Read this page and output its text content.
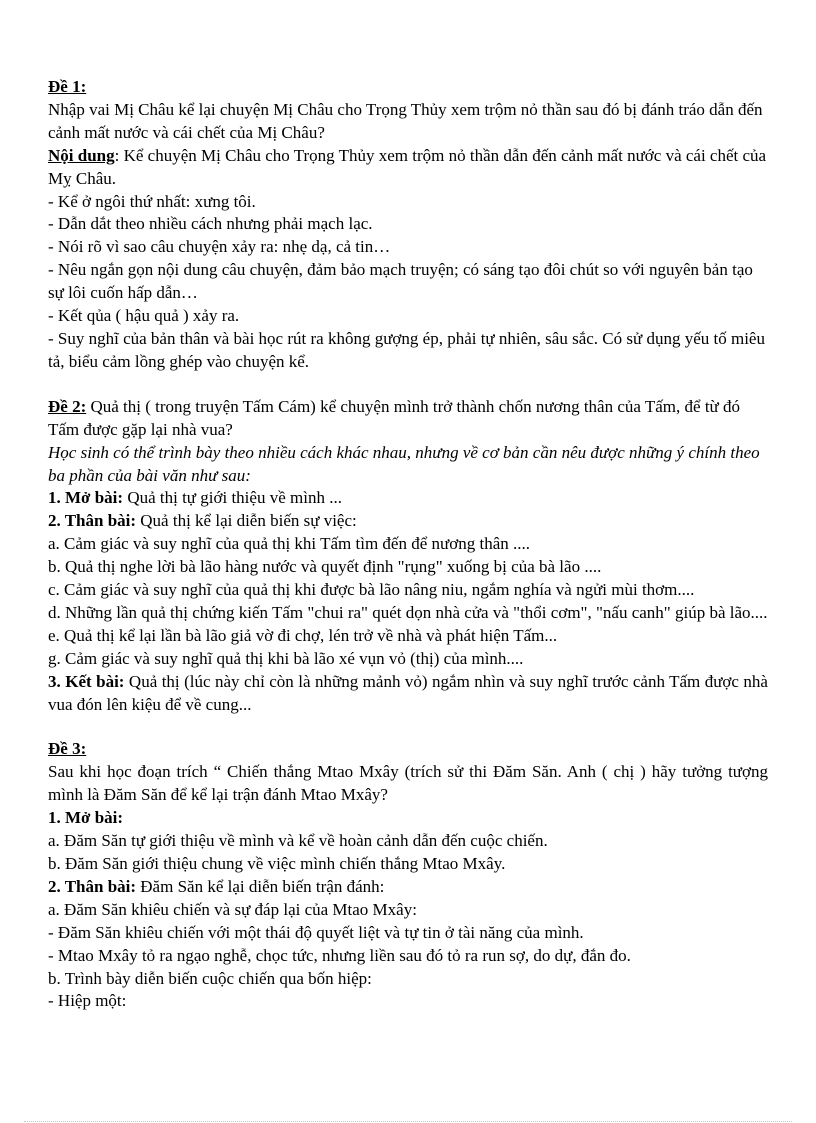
Đề 1:

Nhập vai Mị Châu kể lại chuyện Mị Châu cho Trọng Thủy xem trộm nỏ thần sau đó bị đánh tráo dẫn đến cảnh mất nước và cái chết của Mị Châu?

Nội dung: Kể chuyện Mị Châu cho Trọng Thủy xem trộm nỏ thần dẫn đến cảnh mất nước và cái chết của Mỵ Châu.

- Kể ở ngôi thứ nhất: xưng tôi.

- Dẫn dắt theo nhiều cách nhưng phải mạch lạc.

- Nói rõ vì sao câu chuyện xảy ra: nhẹ dạ, cả tin…

- Nêu ngắn gọn nội dung câu chuyện, đảm bảo mạch truyện; có sáng tạo đôi chút so với nguyên bản tạo sự lôi cuốn hấp dẫn…

- Kết qủa ( hậu quả ) xảy ra.

- Suy nghĩ của bản thân và bài học rút ra không gượng ép, phải tự nhiên, sâu sắc. Có sử dụng yếu tố miêu tả, biểu cảm lồng ghép vào chuyện kể.

Đề 2: Quả thị ( trong truyện Tấm Cám) kể chuyện mình trở thành chốn nương thân của Tấm, để từ đó Tấm được gặp lại nhà vua?

Học sinh có thể trình bày theo nhiều cách khác nhau, nhưng về cơ bản cần nêu được những ý chính theo ba phần của bài văn như sau:

1. Mở bài: Quả thị tự giới thiệu về mình ...

2. Thân bài: Quả thị kể lại diễn biến sự việc:

a. Cảm giác và suy nghĩ của quả thị khi Tấm tìm đến để nương thân ....

b. Quả thị nghe lời bà lão hàng nước và quyết định "rụng" xuống bị của bà lão ....

c. Cảm giác và suy nghĩ của quả thị khi được bà lão nâng niu, ngắm nghía và ngửi mùi thơm....

d. Những lần quả thị chứng kiến Tấm "chui ra" quét dọn nhà cửa và "thổi cơm", "nấu canh" giúp bà lão....

e. Quả thị kể lại lần bà lão giả vờ đi chợ, lén trở về nhà và phát hiện Tấm...

g. Cảm giác và suy nghĩ quả thị khi bà lão xé vụn vỏ (thị) của mình....

3. Kết bài: Quả thị (lúc này chỉ còn là những mảnh vỏ) ngắm nhìn và suy nghĩ trước cảnh Tấm được nhà vua đón lên kiệu để về cung...

Đề 3:

Sau khi học đoạn trích “ Chiến thắng Mtao Mxây (trích sử thi Đăm Săn. Anh ( chị ) hãy tưởng tượng mình là Đăm Săn để kể lại trận đánh Mtao Mxây?

1. Mở bài:

a. Đăm Săn tự giới thiệu về mình và kể về hoàn cảnh dẫn đến cuộc chiến.

b. Đăm Săn giới thiệu chung về việc mình chiến thắng Mtao Mxây.

2. Thân bài: Đăm Săn kể lại diễn biến trận đánh:

a. Đăm Săn khiêu chiến và sự đáp lại của Mtao Mxây:

- Đăm Săn khiêu chiến với một thái độ quyết liệt và tự tin ở tài năng của mình.

- Mtao Mxây tỏ ra ngạo nghễ, chọc tức, nhưng liền sau đó tỏ ra run sợ, do dự, đắn đo.

b. Trình bày diễn biến cuộc chiến qua bốn hiệp:

- Hiệp một:
